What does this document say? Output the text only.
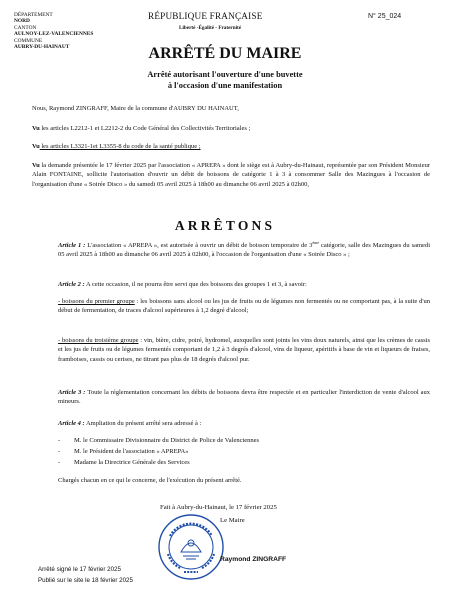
DÉPARTEMENT
NORD
CANTON
AULNOY-LEZ-VALENCIENNES
COMMUNE
AUBRY-DU-HAINAUT
RÉPUBLIQUE FRANÇAISE
Liberté -Égalité - Fraternité
N° 25_024
ARRÊTÉ DU MAIRE
Arrêté autorisant l'ouverture d'une buvette
à l'occasion d'une manifestation
Nous, Raymond ZINGRAFF, Maire de la commune d'AUBRY DU HAINAUT,
Vu les articles L2212-1 et L2212-2 du Code Général des Collectivités Territoriales ;
Vu les articles L3321-1et L3355-8 du code de la santé publique ;
Vu la demande présentée le 17 février 2025 par l'association « APREPA » dont le siège est à Aubry-du-Hainaut, représentée par son Président Monsieur Alain FONTAINE, sollicite l'autorisation d'ouvrir un débit de boissons de catégorie 1 à 3 à consommer Salle des Mazingues à l'occasion de l'organisation d'une « Soirée Disco » du samedi 05 avril 2025 à 18h00 au dimanche 06 avril 2025 à 02h00,
ARRÊTONS
Article 1 : L'association « APREPA », est autorisée à ouvrir un débit de boisson temporaire de 3ème catégorie, salle des Mazingues du samedi 05 avril 2025 à 18h00 au dimanche 06 avril 2025 à 02h00, à l'occasion de l'organisation d'une « Soirée Disco » ;
Article 2 : A cette occasion, il ne pourra être servi que des boissons des groupes 1 et 3, à savoir:
- boissons du premier groupe : les boissons sans alcool ou les jus de fruits ou de légumes non fermentés ou ne comportant pas, à la suite d'un début de fermentation, de traces d'alcool supérieures à 1,2 degré d'alcool;
- boissons du troisième groupe : vin, bière, cidre, poiré, hydromel, auxquelles sont joints les vins doux naturels, ainsi que les crèmes de cassis et les jus de fruits ou de légumes fermentés comportant de 1,2 à 3 degrés d'alcool, vins de liqueur, apéritifs à base de vin et liqueurs de fraises, framboises, cassis ou cerises, ne titrant pas plus de 18 degrés d'alcool pur.
Article 3 : Toute la réglementation concernant les débits de boissons devra être respectée et en particulier l'interdiction de vente d'alcool aux mineurs.
Article 4 : Ampliation du présent arrêté sera adressé à :
- M. le Commissaire Divisionnaire du District de Police de Valenciennes
- M. le Président de l'association « APREPA»
- Madame la Directrice Générale des Services
Chargés chacun en ce qui le concerne, de l'exécution du présent arrêté.
Fait à Aubry-du-Hainaut, le 17 février 2025
Le Maire
Raymond ZINGRAFF
Arrêté signé le 17 février 2025
Publié sur le site le 18 février 2025
